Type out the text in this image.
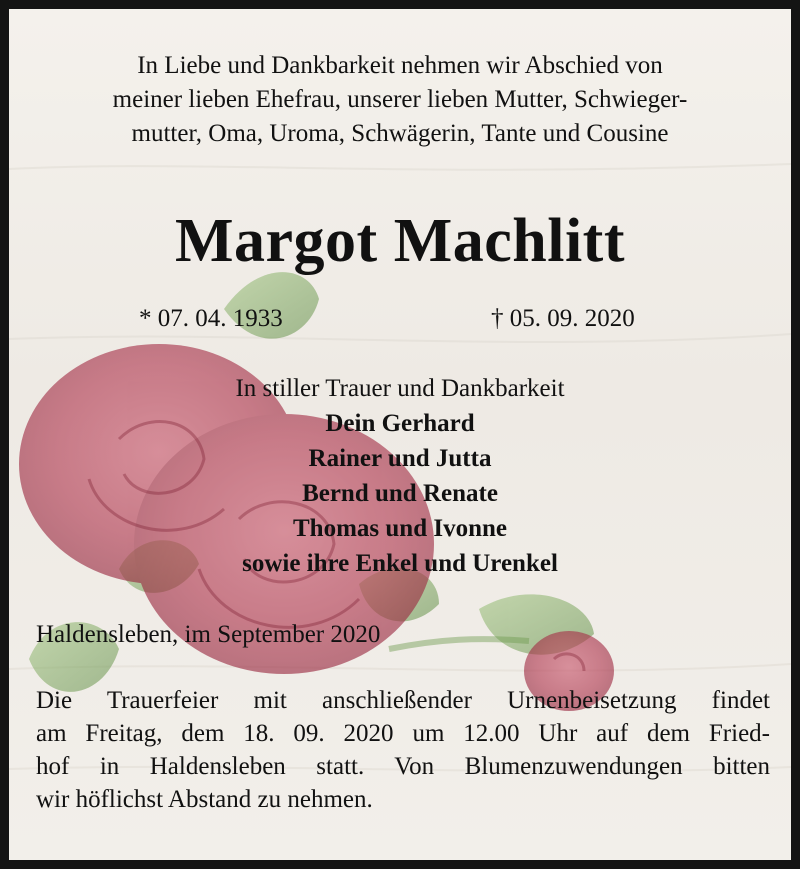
In Liebe und Dankbarkeit nehmen wir Abschied von
meiner lieben Ehefrau, unserer lieben Mutter, Schwieger-
mutter, Oma, Uroma, Schwägerin, Tante und Cousine

Margot Machlitt
* 07. 04. 1933	† 05. 09. 2020
In stiller Trauer und Dankbarkeit
Dein Gerhard
Rainer und Jutta
Bernd und Renate
Thomas und Ivonne
sowie ihre Enkel und Urenkel
Haldensleben, im September 2020
Die Trauerfeier mit anschließender Urnenbeisetzung findet
am Freitag, dem 18. 09. 2020 um 12.00 Uhr auf dem Fried-
hof in Haldensleben statt. Von Blumenzuwendungen bitten
wir höflichst Abstand zu nehmen.
